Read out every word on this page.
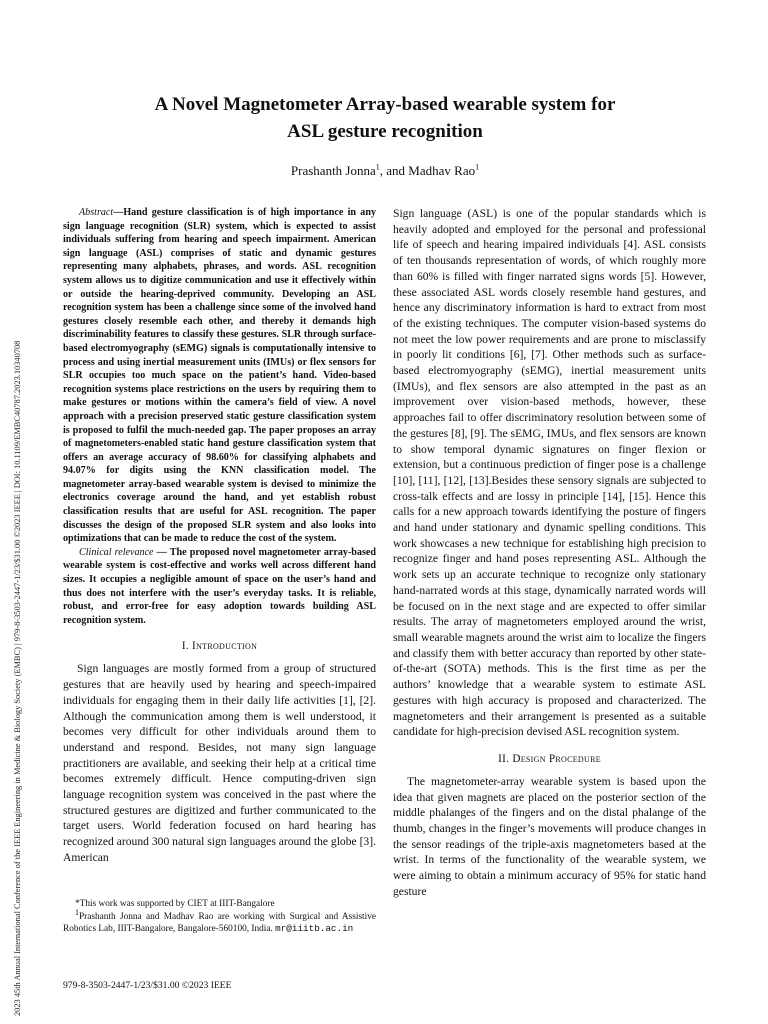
2023 45th Annual International Conference of the IEEE Engineering in Medicine & Biology Society (EMBC) | 979-8-3503-2447-1/23/$31.00 ©2023 IEEE | DOI: 10.1109/EMBC40787.2023.10340708
A Novel Magnetometer Array-based wearable system for
ASL gesture recognition
Prashanth Jonna$^1$, and Madhav Rao$^1$

Abstract—Hand gesture classification is of high importance in any sign language recognition (SLR) system, which is expected to assist individuals suffering from hearing and speech impairment. American sign language (ASL) comprises of static and dynamic gestures representing many alphabets, phrases, and words. ASL recognition system allows us to digitize communication and use it effectively within or outside the hearing-deprived community. Developing an ASL recognition system has been a challenge since some of the involved hand gestures closely resemble each other, and thereby it demands high discriminability features to classify these gestures. SLR through surface-based electromyography (sEMG) signals is computationally intensive to process and using inertial measurement units (IMUs) or flex sensors for SLR occupies too much space on the patient’s hand. Video-based recognition systems place restrictions on the users by requiring them to make gestures or motions within the camera’s field of view. A novel approach with a precision preserved static gesture classification system is proposed to fulfil the much-needed gap. The paper proposes an array of magnetometers-enabled static hand gesture classification system that offers an average accuracy of 98.60% for classifying alphabets and 94.07% for digits using the KNN classification model. The magnetometer array-based wearable system is devised to minimize the electronics coverage around the hand, and yet establish robust classification results that are useful for ASL recognition. The paper discusses the design of the proposed SLR system and also looks into optimizations that can be made to reduce the cost of the system.

Clinical relevance — The proposed novel magnetometer array-based wearable system is cost-effective and works well across different hand sizes. It occupies a negligible amount of space on the user’s hand and thus does not interfere with the user’s everyday tasks. It is reliable, robust, and error-free for easy adoption towards building ASL recognition system.

I. Introduction

Sign languages are mostly formed from a group of structured gestures that are heavily used by hearing and speech-impaired individuals for engaging them in their daily life activities [1], [2]. Although the communication among them is well understood, it becomes very difficult for other individuals around them to understand and respond. Besides, not many sign language practitioners are available, and seeking their help at a critical time becomes extremely difficult. Hence computing-driven sign language recognition system was conceived in the past where the structured gestures are digitized and further communicated to the target users. World federation focused on hard hearing has recognized around 300 natural sign languages around the globe [3]. American

Sign language (ASL) is one of the popular standards which is heavily adopted and employed for the personal and professional life of speech and hearing impaired individuals [4]. ASL consists of ten thousands representation of words, of which roughly more than 60% is filled with finger narrated signs words [5]. However, these associated ASL words closely resemble hand gestures, and hence any discriminatory information is hard to extract from most of the existing techniques. The computer vision-based systems do not meet the low power requirements and are prone to misclassify in poorly lit conditions [6], [7]. Other methods such as surface-based electromyography (sEMG), inertial measurement units (IMUs), and flex sensors are also attempted in the past as an improvement over vision-based methods, however, these approaches fail to offer discriminatory resolution between some of the gestures [8], [9]. The sEMG, IMUs, and flex sensors are known to show temporal dynamic signatures on finger flexion or extension, but a continuous prediction of finger pose is a challenge [10], [11], [12], [13].Besides these sensory signals are subjected to cross-talk effects and are lossy in principle [14], [15]. Hence this calls for a new approach towards identifying the posture of fingers and hand under stationary and dynamic spelling conditions. This work showcases a new technique for establishing high precision to recognize finger and hand poses representing ASL. Although the work sets up an accurate technique to recognize only stationary hand-narrated words at this stage, dynamically narrated words will be focused on in the next stage and are expected to offer similar results. The array of magnetometers employed around the wrist, small wearable magnets around the wrist aim to localize the fingers and classify them with better accuracy than reported by other state-of-the-art (SOTA) methods. This is the first time as per the authors’ knowledge that a wearable system to estimate ASL gestures with high accuracy is proposed and characterized. The magnetometers and their arrangement is presented as a suitable candidate for high-precision devised ASL recognition system.

II. Design Procedure

The magnetometer-array wearable system is based upon the idea that given magnets are placed on the posterior section of the middle phalanges of the fingers and on the distal phalange of the thumb, changes in the finger’s movements will produce changes in the sensor readings of the triple-axis magnetometers based at the wrist. In terms of the functionality of the wearable system, we were aiming to obtain a minimum accuracy of 95% for static hand gesture

*This work was supported by CIET at IIIT-Bangalore

$^1$Prashanth Jonna and Madhav Rao are working with Surgical and Assistive Robotics Lab, IIIT-Bangalore, Bangalore-560100, India. mr@iiitb.ac.in

979-8-3503-2447-1/23/$31.00 ©2023 IEEE
